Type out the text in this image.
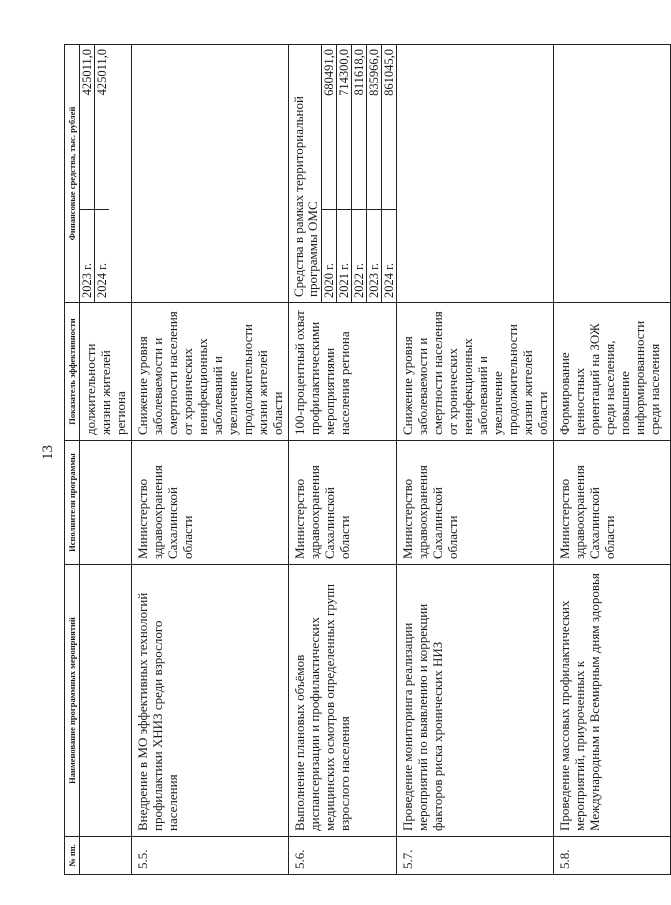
13
№ пп.	Наименование программных мероприятий	Исполнители программы	Показатель эффективности	Финансовые средства, тыс. рублей
			должительности жизни жителей региона	
2023 г.	425011,0
2024 г.	425011,0

5.5.	Внедрение в МО эффективных технологий профилактики ХНИЗ среди взрослого населения	Министерство здравоохранения Сахалинской области	Снижение уровня заболеваемости и смертности населения от хронических неинфекционных заболеваний и увеличение продолжительности жизни жителей области	
5.6.	Выполнение плановых объёмов диспансеризации и профилактических медицинских осмотров определенных групп взрослого населения	Министерство здравоохранения Сахалинской области	100-процентный охват профилактическими мероприятиями населения региона	
Средства в рамках территориальной программы ОМС 2020 г.	680491,0
2021 г.	714300,0
2022 г.	811618,0
2023 г.	835966,0
2024 г.	861045,0

5.7.	Проведение мониторинга реализации мероприятий по выявлению и коррекции факторов риска хронических НИЗ	Министерство здравоохранения Сахалинской области	Снижение уровня заболеваемости и смертности населения от хронических неинфекционных заболеваний и увеличение продолжительности жизни жителей области	
5.8.	Проведение массовых профилактических мероприятий, приуроченных к Международным и Всемирным дням здоровья	Министерство здравоохранения Сахалинской области	Формирование ценностных ориентаций на ЗОЖ среди населения, повышение информированности среди населения	
